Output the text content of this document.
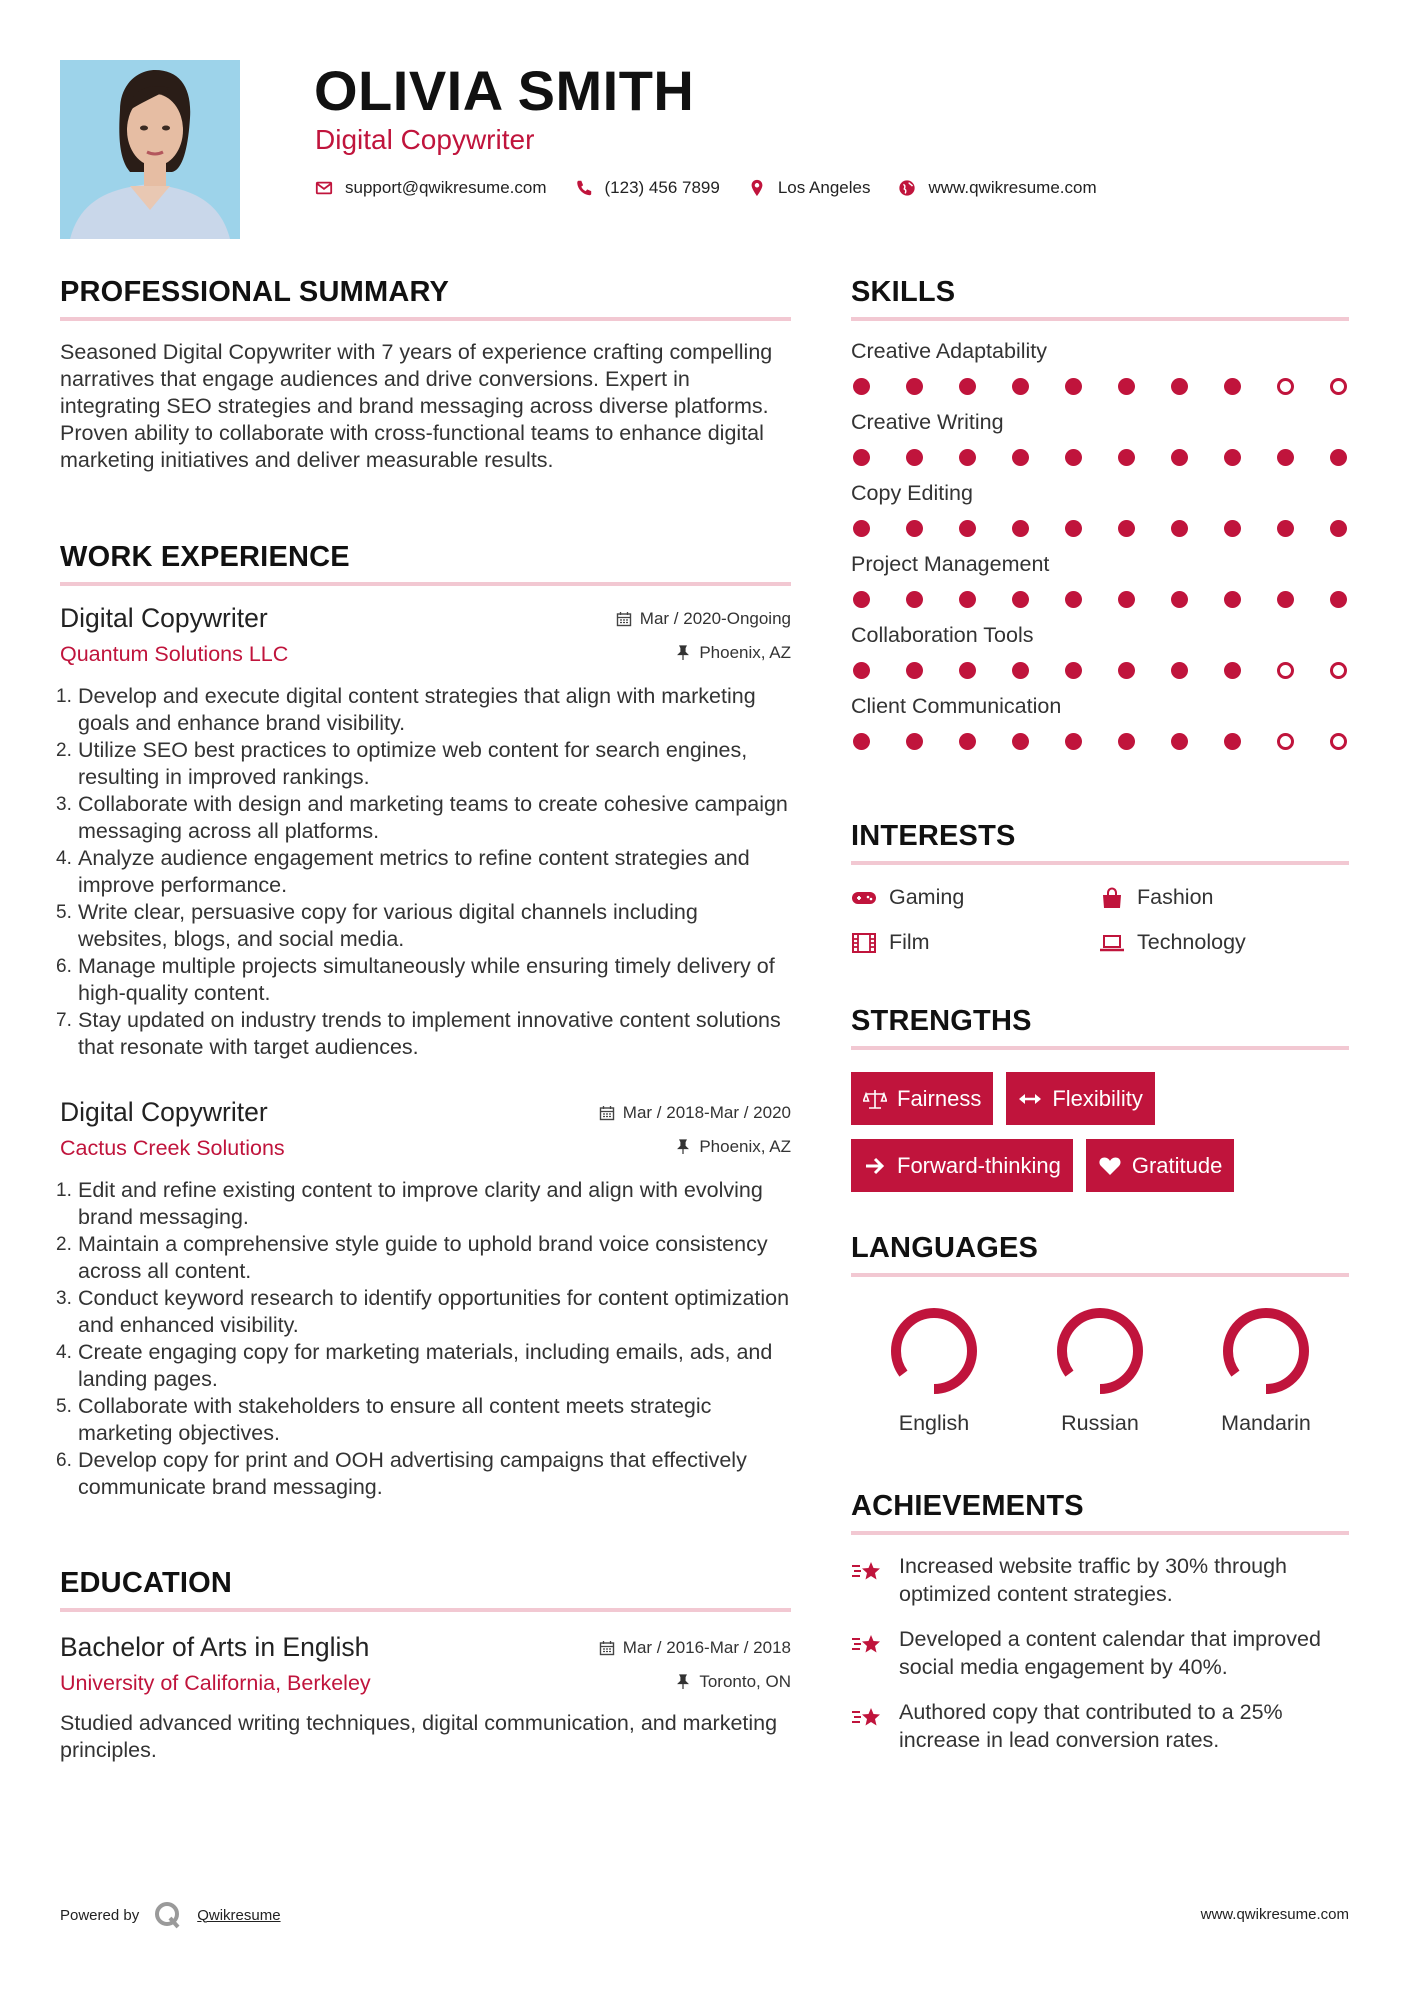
OLIVIA SMITH
Digital Copywriter
support@qwikresume.com	(123) 456 7899	Los Angeles	www.qwikresume.com
PROFESSIONAL SUMMARY
Seasoned Digital Copywriter with 7 years of experience crafting compelling narratives that engage audiences and drive conversions. Expert in integrating SEO strategies and brand messaging across diverse platforms. Proven ability to collaborate with cross-functional teams to enhance digital marketing initiatives and deliver measurable results.
WORK EXPERIENCE
Digital Copywriter	Mar / 2020-Ongoing
Quantum Solutions LLC	Phoenix, AZ
1. Develop and execute digital content strategies that align with marketing goals and enhance brand visibility.
2. Utilize SEO best practices to optimize web content for search engines, resulting in improved rankings.
3. Collaborate with design and marketing teams to create cohesive campaign messaging across all platforms.
4. Analyze audience engagement metrics to refine content strategies and improve performance.
5. Write clear, persuasive copy for various digital channels including websites, blogs, and social media.
6. Manage multiple projects simultaneously while ensuring timely delivery of high-quality content.
7. Stay updated on industry trends to implement innovative content solutions that resonate with target audiences.
Digital Copywriter	Mar / 2018-Mar / 2020
Cactus Creek Solutions	Phoenix, AZ
1. Edit and refine existing content to improve clarity and align with evolving brand messaging.
2. Maintain a comprehensive style guide to uphold brand voice consistency across all content.
3. Conduct keyword research to identify opportunities for content optimization and enhanced visibility.
4. Create engaging copy for marketing materials, including emails, ads, and landing pages.
5. Collaborate with stakeholders to ensure all content meets strategic marketing objectives.
6. Develop copy for print and OOH advertising campaigns that effectively communicate brand messaging.
EDUCATION
Bachelor of Arts in English	Mar / 2016-Mar / 2018
University of California, Berkeley	Toronto, ON
Studied advanced writing techniques, digital communication, and marketing principles.
SKILLS
Creative Adaptability
Creative Writing
Copy Editing
Project Management
Collaboration Tools
Client Communication
INTERESTS
Gaming	Fashion
Film	Technology
STRENGTHS
Fairness	Flexibility
Forward-thinking	Gratitude
LANGUAGES
English	Russian	Mandarin
ACHIEVEMENTS
Increased website traffic by 30% through optimized content strategies.
Developed a content calendar that improved social media engagement by 40%.
Authored copy that contributed to a 25% increase in lead conversion rates.
Powered by	Qwikresume	www.qwikresume.com
